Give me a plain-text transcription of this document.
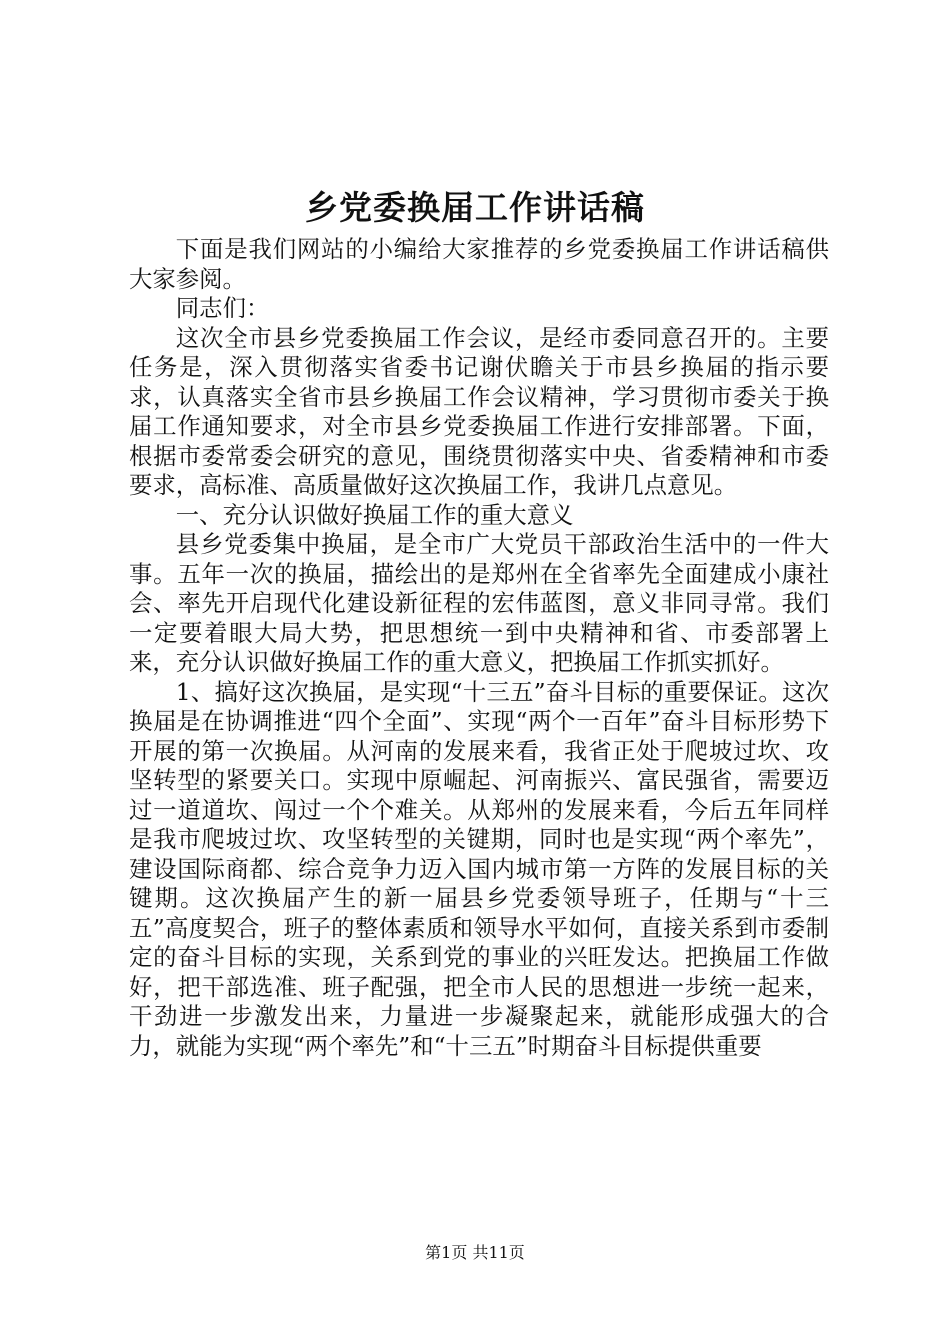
乡党委换届工作讲话稿

下面是我们网站的小编给大家推荐的乡党委换届工作讲话稿供大家参阅。

同志们：

这次全市县乡党委换届工作会议，是经市委同意召开的。主要任务是，深入贯彻落实省委书记谢伏瞻关于市县乡换届的指示要求，认真落实全省市县乡换届工作会议精神，学习贯彻市委关于换届工作通知要求，对全市县乡党委换届工作进行安排部署。下面，根据市委常委会研究的意见，围绕贯彻落实中央、省委精神和市委要求，高标准、高质量做好这次换届工作，我讲几点意见。

一、充分认识做好换届工作的重大意义

县乡党委集中换届，是全市广大党员干部政治生活中的一件大事。五年一次的换届，描绘出的是郑州在全省率先全面建成小康社会、率先开启现代化建设新征程的宏伟蓝图，意义非同寻常。我们一定要着眼大局大势，把思想统一到中央精神和省、市委部署上来，充分认识做好换届工作的重大意义，把换届工作抓实抓好。

1、搞好这次换届，是实现“十三五”奋斗目标的重要保证。这次换届是在协调推进“四个全面”、实现“两个一百年”奋斗目标形势下开展的第一次换届。从河南的发展来看，我省正处于爬坡过坎、攻坚转型的紧要关口。实现中原崛起、河南振兴、富民强省，需要迈过一道道坎、闯过一个个难关。从郑州的发展来看，今后五年同样是我市爬坡过坎、攻坚转型的关键期，同时也是实现“两个率先”，建设国际商都、综合竞争力迈入国内城市第一方阵的发展目标的关键期。这次换届产生的新一届县乡党委领导班子，任期与“十三五”高度契合，班子的整体素质和领导水平如何，直接关系到市委制定的奋斗目标的实现，关系到党的事业的兴旺发达。把换届工作做好，把干部选准、班子配强，把全市人民的思想进一步统一起来，干劲进一步激发出来，力量进一步凝聚起来，就能形成强大的合力，就能为实现“两个率先”和“十三五”时期奋斗目标提供重要

第1页 共11页
